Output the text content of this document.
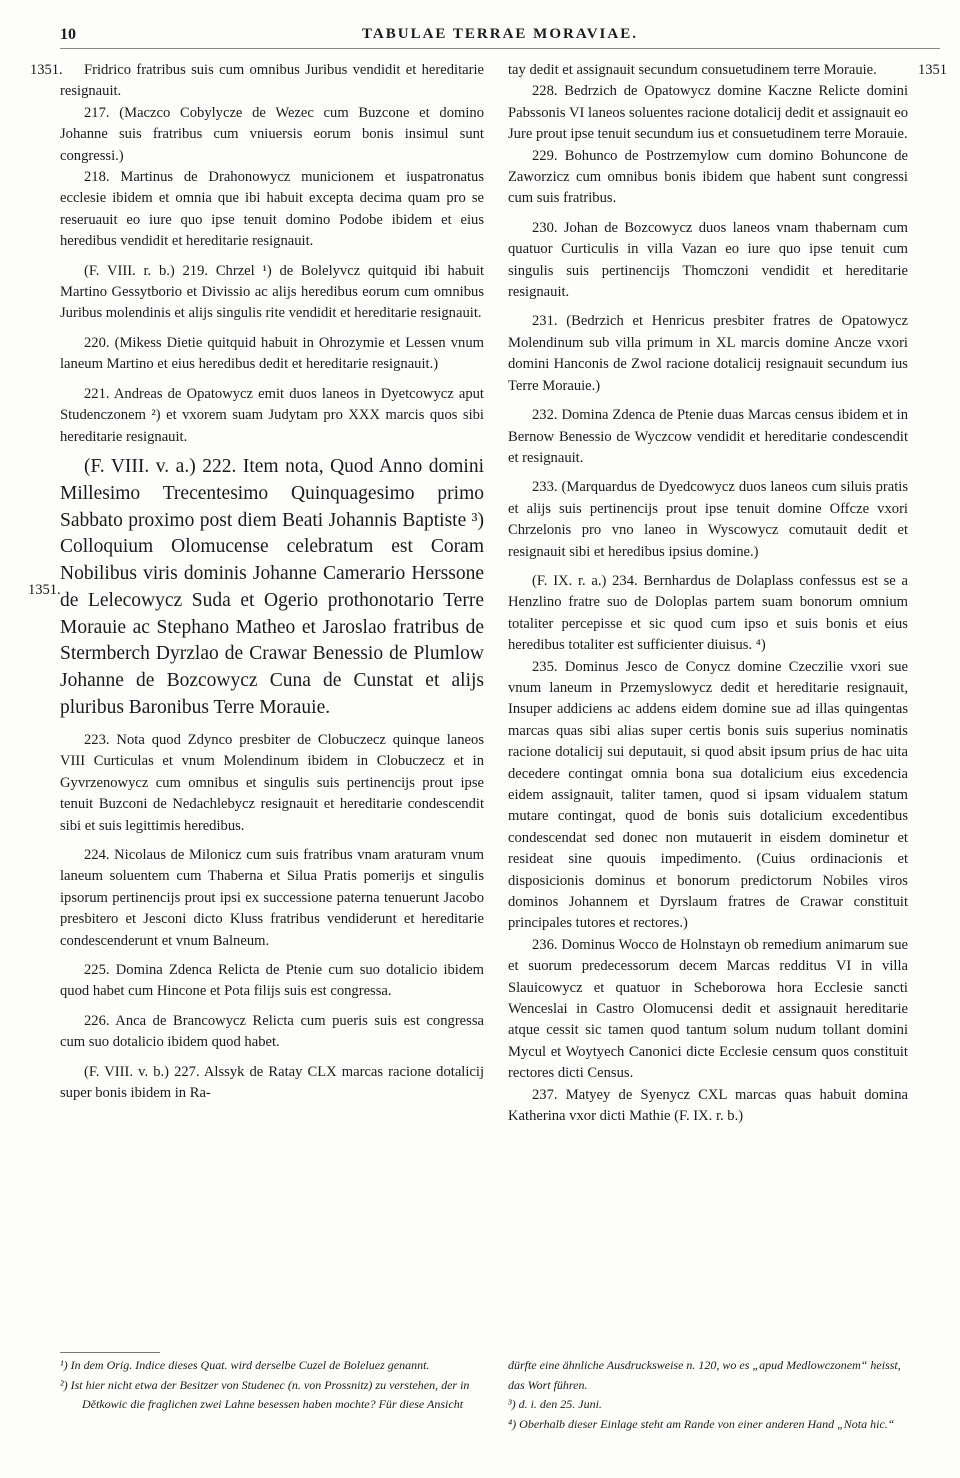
10	TABULAE TERRAE MORAVIAE.
1351.
1351.
1351

Fridrico fratribus suis cum omnibus Juribus vendidit et hereditarie resignauit.

217. (Maczco Cobylycze de Wezec cum Buzcone et domino Johanne suis fratribus cum vniuersis eorum bonis insimul sunt congressi.)

218. Martinus de Drahonowycz municionem et iuspatronatus ecclesie ibidem et omnia que ibi habuit excepta decima quam pro se reseruauit eo iure quo ipse tenuit domino Podobe ibidem et eius heredibus vendidit et hereditarie resignauit.

(F. VIII. r. b.) 219. Chrzel ¹) de Bolelyvcz quitquid ibi habuit Martino Gessytborio et Divissio ac alijs heredibus eorum cum omnibus Juribus molendinis et alijs singulis rite vendidit et hereditarie resignauit.

220. (Mikess Dietie quitquid habuit in Ohrozymie et Lessen vnum laneum Martino et eius heredibus dedit et hereditarie resignauit.)

221. Andreas de Opatowycz emit duos laneos in Dyetcowycz aput Studenczonem ²) et vxorem suam Judytam pro XXX marcis quos sibi hereditarie resignauit.

(F. VIII. v. a.) 222. Item nota, Quod Anno domini Millesimo Trecentesimo Quinquagesimo primo Sabbato proximo post diem Beati Johannis Baptiste ³) Colloquium Olomucense celebratum est Coram Nobilibus viris dominis Johanne Camerario Herssone de Lelecowycz Suda et Ogerio prothonotario Terre Morauie ac Stephano Matheo et Jaroslao fratribus de Stermberch Dyrzlao de Crawar Benessio de Plumlow Johanne de Bozcowycz Cuna de Cunstat et alijs pluribus Baronibus Terre Morauie.

223. Nota quod Zdynco presbiter de Clobuczecz quinque laneos VIII Curticulas et vnum Molendinum ibidem in Clobuczecz et in Gyvrzenowycz cum omnibus et singulis suis pertinencijs prout ipse tenuit Buzconi de Nedachlebycz resignauit et hereditarie condescendit sibi et suis legittimis heredibus.

224. Nicolaus de Milonicz cum suis fratribus vnam araturam vnum laneum soluentem cum Thaberna et Silua Pratis pomerijs et singulis ipsorum pertinencijs prout ipsi ex successione paterna tenuerunt Jacobo presbitero et Jesconi dicto Kluss fratribus vendiderunt et hereditarie condescenderunt et vnum Balneum.

225. Domina Zdenca Relicta de Ptenie cum suo dotalicio ibidem quod habet cum Hincone et Pota filijs suis est congressa.

226. Anca de Brancowycz Relicta cum pueris suis est congressa cum suo dotalicio ibidem quod habet.

(F. VIII. v. b.) 227. Alssyk de Ratay CLX marcas racione dotalicij super bonis ibidem in Ra-

tay dedit et assignauit secundum consuetudinem terre Morauie.

228. Bedrzich de Opatowycz domine Kaczne Relicte domini Pabssonis VI laneos soluentes racione dotalicij dedit et assignauit eo Jure prout ipse tenuit secundum ius et consuetudinem terre Morauie.

229. Bohunco de Postrzemylow cum domino Bohuncone de Zaworzicz cum omnibus bonis ibidem que habent sunt congressi cum suis fratribus.

230. Johan de Bozcowycz duos laneos vnam thabernam cum quatuor Curticulis in villa Vazan eo iure quo ipse tenuit cum singulis suis pertinencijs Thomczoni vendidit et hereditarie resignauit.

231. (Bedrzich et Henricus presbiter fratres de Opatowycz Molendinum sub villa primum in XL marcis domine Ancze vxori domini Hanconis de Zwol racione dotalicij resignauit secundum ius Terre Morauie.)

232. Domina Zdenca de Ptenie duas Marcas census ibidem et in Bernow Benessio de Wyczcow vendidit et hereditarie condescendit et resignauit.

233. (Marquardus de Dyedcowycz duos laneos cum siluis pratis et alijs suis pertinencijs prout ipse tenuit domine Offcze vxori Chrzelonis pro vno laneo in Wyscowycz comutauit dedit et resignauit sibi et heredibus ipsius domine.)

(F. IX. r. a.) 234. Bernhardus de Dolaplass confessus est se a Henzlino fratre suo de Doloplas partem suam bonorum omnium totaliter percepisse et sic quod cum ipso et suis bonis et eius heredibus totaliter est sufficienter diuisus. ⁴)

235. Dominus Jesco de Conycz domine Czeczilie vxori sue vnum laneum in Przemyslowycz dedit et hereditarie resignauit, Insuper addiciens ac addens eidem domine sue ad illas quingentas marcas quas sibi alias super certis bonis suis superius nominatis racione dotalicij sui deputauit, si quod absit ipsum prius de hac uita decedere contingat omnia bona sua dotalicium eius excedencia eidem assignauit, taliter tamen, quod si ipsam vidualem statum mutare contingat, quod de bonis suis dotalicium excedentibus condescendat sed donec non mutauerit in eisdem dominetur et resideat sine quouis impedimento. (Cuius ordinacionis et disposicionis dominus et bonorum predictorum Nobiles viros dominos Johannem et Dyrslaum fratres de Crawar constituit principales tutores et rectores.)

236. Dominus Wocco de Holnstayn ob remedium animarum sue et suorum predecessorum decem Marcas redditus VI in villa Slauicowycz et quatuor in Scheborowa hora Ecclesie sancti Wenceslai in Castro Olomucensi dedit et assignauit hereditarie atque cessit sic tamen quod tantum solum nudum tollant domini Mycul et Woytyech Canonici dicte Ecclesie censum quos constituit rectores dicti Census.

237. Matyey de Syenycz CXL marcas quas habuit domina Katherina vxor dicti Mathie (F. IX. r. b.)

¹) In dem Orig. Indice dieses Quat. wird derselbe Cuzel de Boleluez genannt.
²) Ist hier nicht etwa der Besitzer von Studenec (n. von Prossnitz) zu verstehen, der in Dětkowic die fraglichen zwei Lahne besessen haben mochte? Für diese Ansicht
dürfte eine ähnliche Ausdrucksweise n. 120, wo es „apud Medlowczonem“ heisst, das Wort führen.
³) d. i. den 25. Juni.
⁴) Oberhalb dieser Einlage steht am Rande von einer anderen Hand „Nota hic.“
